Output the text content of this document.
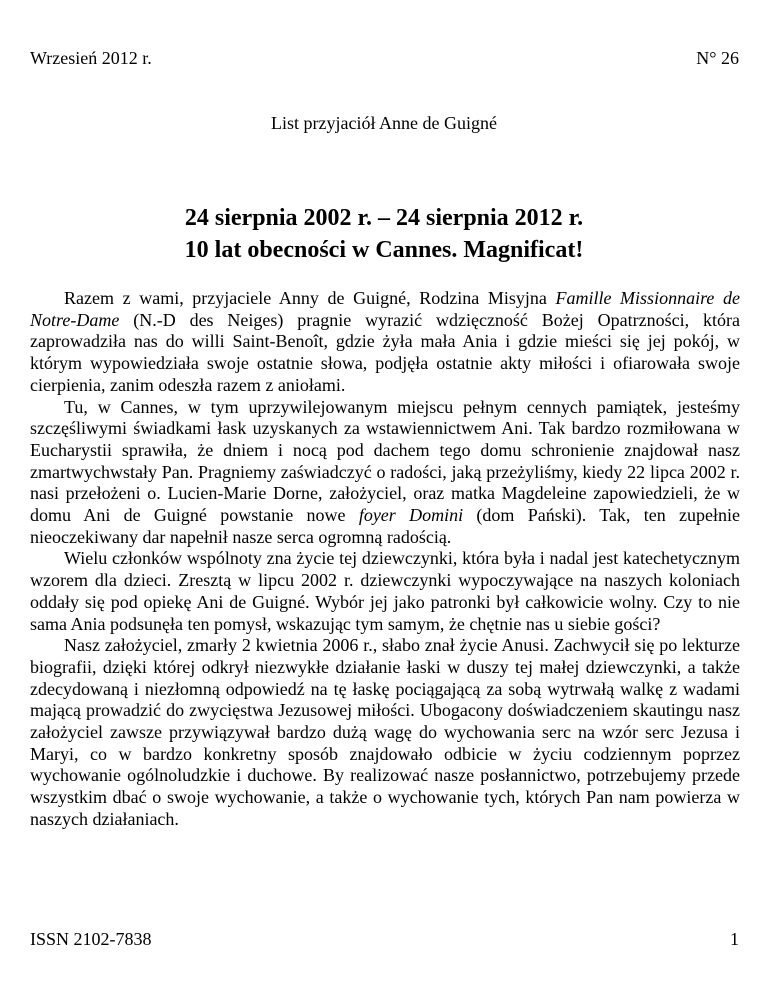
Wrzesień 2012 r.	N° 26
List przyjaciół Anne de Guigné
24 sierpnia 2002 r. – 24 sierpnia 2012 r.
10 lat obecności w Cannes. Magnificat!

Razem z wami, przyjaciele Anny de Guigné, Rodzina Misyjna Famille Missionnaire de Notre-Dame (N.-D des Neiges) pragnie wyrazić wdzięczność Bożej Opatrzności, która zaprowadziła nas do willi Saint-Benoît, gdzie żyła mała Ania i gdzie mieści się jej pokój, w którym wypowiedziała swoje ostatnie słowa, podjęła ostatnie akty miłości i ofiarowała swoje cierpienia, zanim odeszła razem z aniołami.

Tu, w Cannes, w tym uprzywilejowanym miejscu pełnym cennych pamiątek, jesteśmy szczęśliwymi świadkami łask uzyskanych za wstawiennictwem Ani. Tak bardzo rozmiłowana w Eucharystii sprawiła, że dniem i nocą pod dachem tego domu schronienie znajdował nasz zmartwychwstały Pan. Pragniemy zaświadczyć o radości, jaką przeżyliśmy, kiedy 22 lipca 2002 r. nasi przełożeni o. Lucien-Marie Dorne, założyciel, oraz matka Magdeleine zapowiedzieli, że w domu Ani de Guigné powstanie nowe foyer Domini (dom Pański). Tak, ten zupełnie nieoczekiwany dar napełnił nasze serca ogromną radością.

Wielu członków wspólnoty zna życie tej dziewczynki, która była i nadal jest katechetycznym wzorem dla dzieci. Zresztą w lipcu 2002 r. dziewczynki wypoczywające na naszych koloniach oddały się pod opiekę Ani de Guigné. Wybór jej jako patronki był całkowicie wolny. Czy to nie sama Ania podsunęła ten pomysł, wskazując tym samym, że chętnie nas u siebie gości?

Nasz założyciel, zmarły 2 kwietnia 2006 r., słabo znał życie Anusi. Zachwycił się po lekturze biografii, dzięki której odkrył niezwykłe działanie łaski w duszy tej małej dziewczynki, a także zdecydowaną i niezłomną odpowiedź na tę łaskę pociągającą za sobą wytrwałą walkę z wadami mającą prowadzić do zwycięstwa Jezusowej miłości. Ubogacony doświadczeniem skautingu nasz założyciel zawsze przywiązywał bardzo dużą wagę do wychowania serc na wzór serc Jezusa i Maryi, co w bardzo konkretny sposób znajdowało odbicie w życiu codziennym poprzez wychowanie ogólnoludzkie i duchowe. By realizować nasze posłannictwo, potrzebujemy przede wszystkim dbać o swoje wychowanie, a także o wychowanie tych, których Pan nam powierza w naszych działaniach.

ISSN 2102-7838	1
